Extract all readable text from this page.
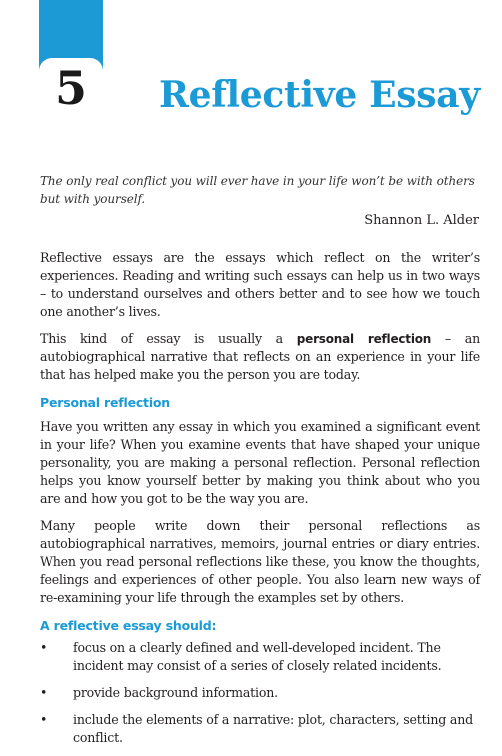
5	Reflective Essay
The only real conflict you will ever have in your life won’t be with others but with yourself.
Shannon L. Alder

Reflective essays are the essays which reflect on the writer’s experiences. Reading and writing such essays can help us in two ways – to understand ourselves and others better and to see how we touch one another’s lives.

This kind of essay is usually a personal reflection – an autobiographical narrative that reflects on an experience in your life that has helped make you the person you are today.

Personal reflection

Have you written any essay in which you examined a significant event in your life? When you examine events that have shaped your unique personality, you are making a personal reflection. Personal reflection helps you know yourself better by making you think about who you are and how you got to be the way you are.

Many people write down their personal reflections as autobiographical narratives, memoirs, journal entries or diary entries. When you read personal reflections like these, you know the thoughts, feelings and experiences of other people. You also learn new ways of re-examining your life through the examples set by others.

A reflective essay should:
• focus on a clearly defined and well-developed incident. The incident may consist of a series of closely related incidents.
• provide background information.
• include the elements of a narrative: plot, characters, setting and conflict.
